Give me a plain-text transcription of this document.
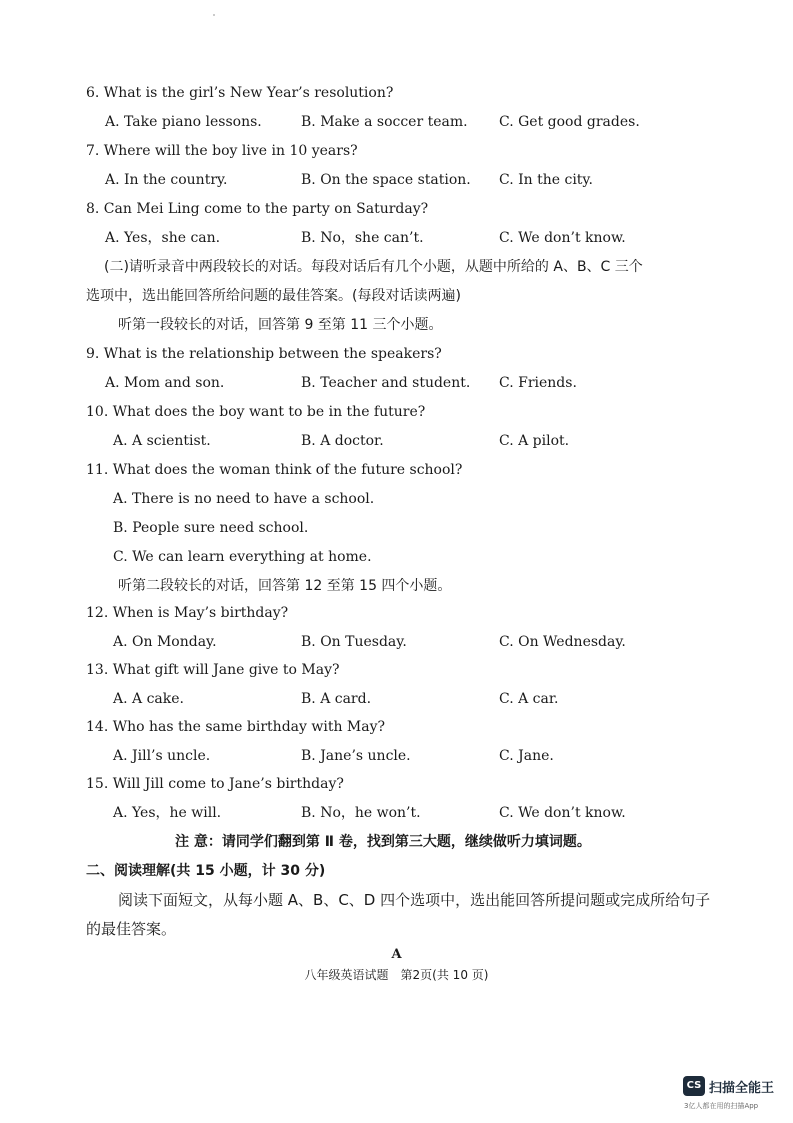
6. What is the girl’s New Year’s resolution?
A. Take piano lessons.	B. Make a soccer team. C. Get good grades.
7. Where will the boy live in 10 years?
A. In the country.	B. On the space station. C. In the city.
8. Can Mei Ling come to the party on Saturday?
A. Yes，she can.	B. No，she can’t.	C. We don’t know.
(二)请听录音中两段较长的对话。每段对话后有几个小题，从题中所给的 A、B、C 三个
选项中，选出能回答所给问题的最佳答案。(每段对话读两遍)
听第一段较长的对话，回答第 9 至第 11 三个小题。
9. What is the relationship between the speakers?
A. Mom and son.	B. Teacher and student. C. Friends.
10. What does the boy want to be in the future?
A. A scientist.	B. A doctor.	C. A pilot.
11. What does the woman think of the future school?
A. There is no need to have a school.
B. People sure need school.
C. We can learn everything at home.
听第二段较长的对话，回答第 12 至第 15 四个小题。
12. When is May’s birthday?
A. On Monday.	B. On Tuesday.	C. On Wednesday.
13. What gift will Jane give to May?
A. A cake.	B. A card.	C. A car.
14. Who has the same birthday with May?
A. Jill’s uncle.	B. Jane’s uncle.	C. Jane.
15. Will Jill come to Jane’s birthday?
A. Yes，he will.	B. No，he won’t.	C. We don’t know.
注 意：请同学们翻到第 Ⅱ 卷，找到第三大题，继续做听力填词题。
二、阅读理解(共 15 小题，计 30 分)
阅读下面短文，从每小题 A、B、C、D 四个选项中，选出能回答所提问题或完成所给句子
的最佳答案。
A
八年级英语试题　第2页(共 10 页)
CS 扫描全能王
3亿人都在用的扫描App
